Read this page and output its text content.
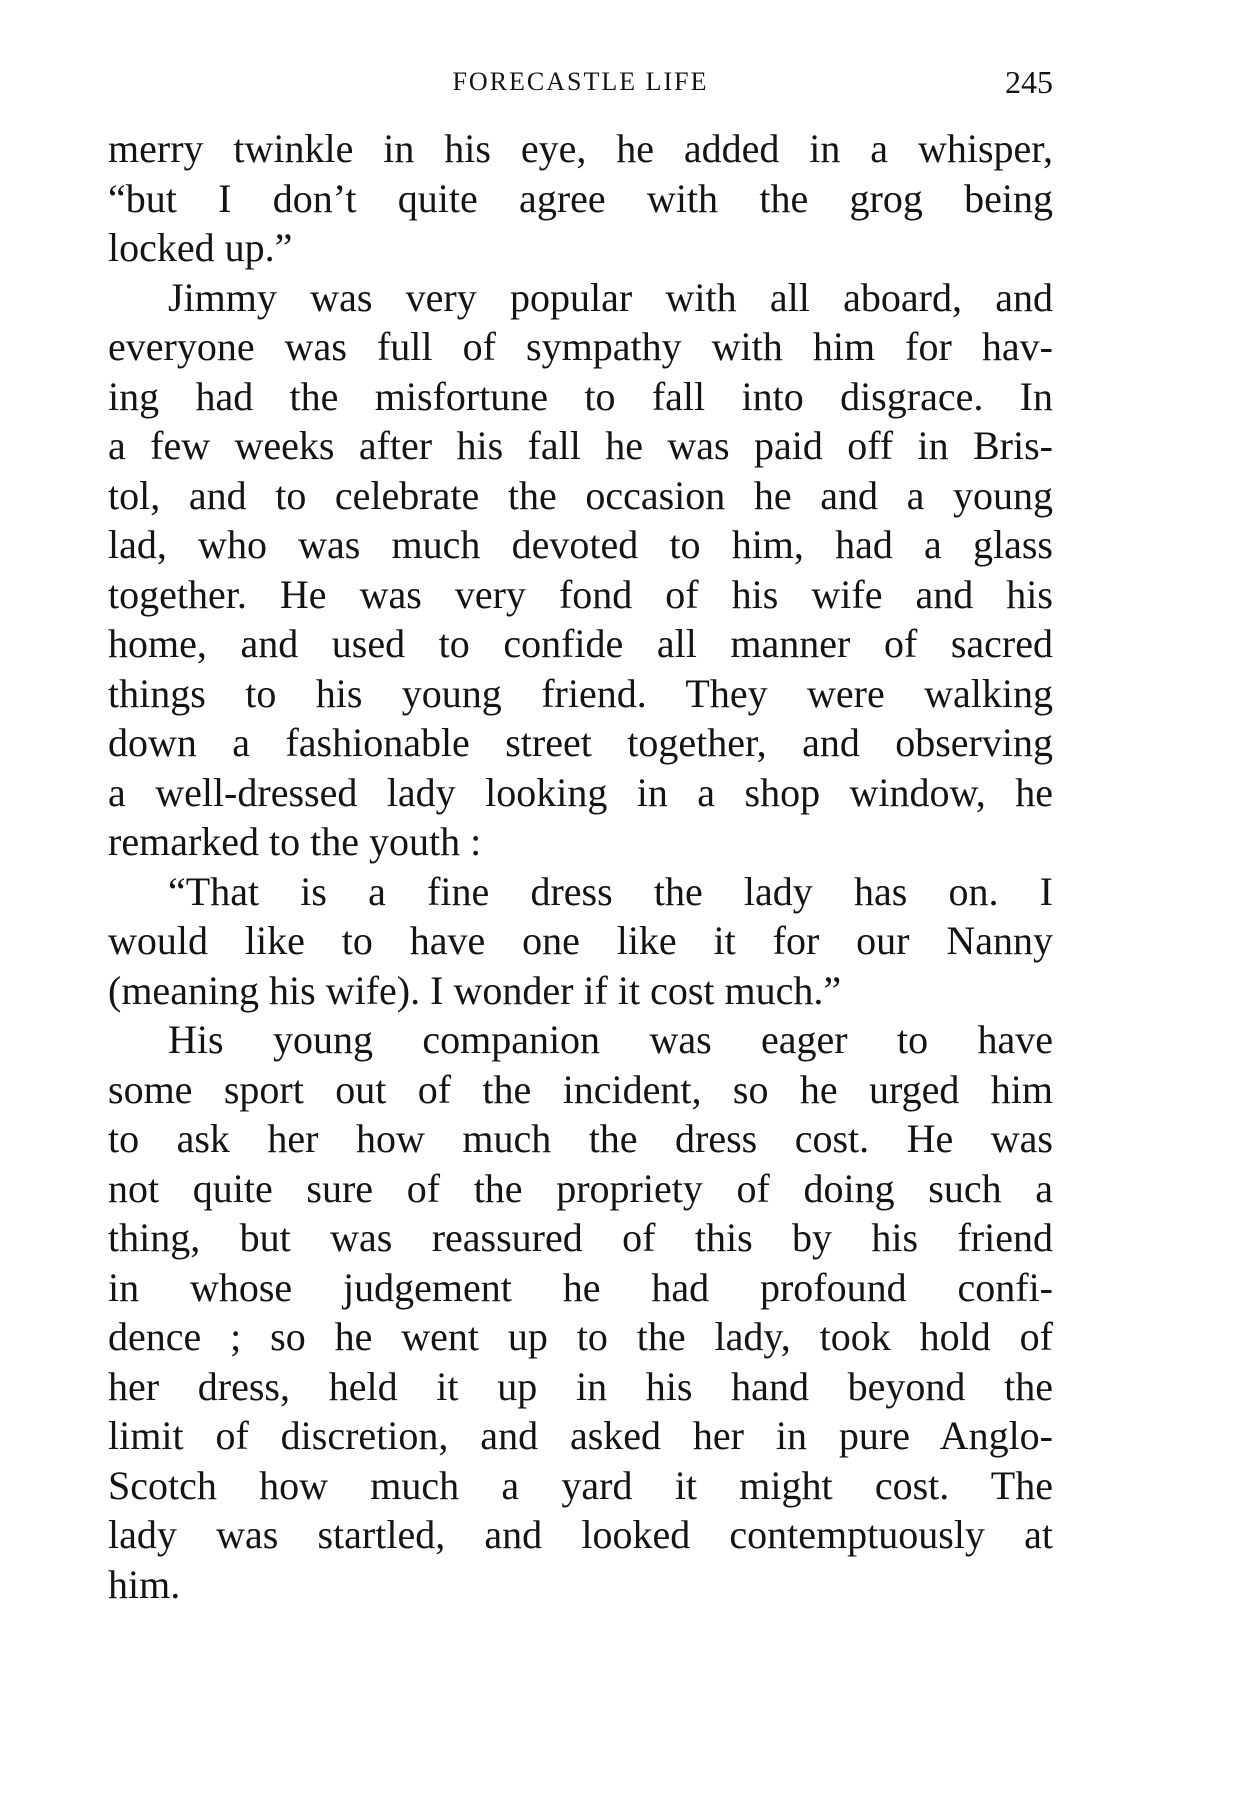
FORECASTLE LIFE	245
merry twinkle in his eye, he added in a whisper,
“but I don’t quite agree with the grog being
locked up.”
Jimmy was very popular with all aboard, and
everyone was full of sympathy with him for hav-
ing had the misfortune to fall into disgrace. In
a few weeks after his fall he was paid off in Bris-
tol, and to celebrate the occasion he and a young
lad, who was much devoted to him, had a glass
together. He was very fond of his wife and his
home, and used to confide all manner of sacred
things to his young friend. They were walking
down a fashionable street together, and observing
a well-dressed lady looking in a shop window, he
remarked to the youth :
“That is a fine dress the lady has on. I
would like to have one like it for our Nanny
(meaning his wife). I wonder if it cost much.”
His young companion was eager to have
some sport out of the incident, so he urged him
to ask her how much the dress cost. He was
not quite sure of the propriety of doing such a
thing, but was reassured of this by his friend
in whose judgement he had profound confi-
dence ; so he went up to the lady, took hold of
her dress, held it up in his hand beyond the
limit of discretion, and asked her in pure Anglo-
Scotch how much a yard it might cost. The
lady was startled, and looked contemptuously at
him.
